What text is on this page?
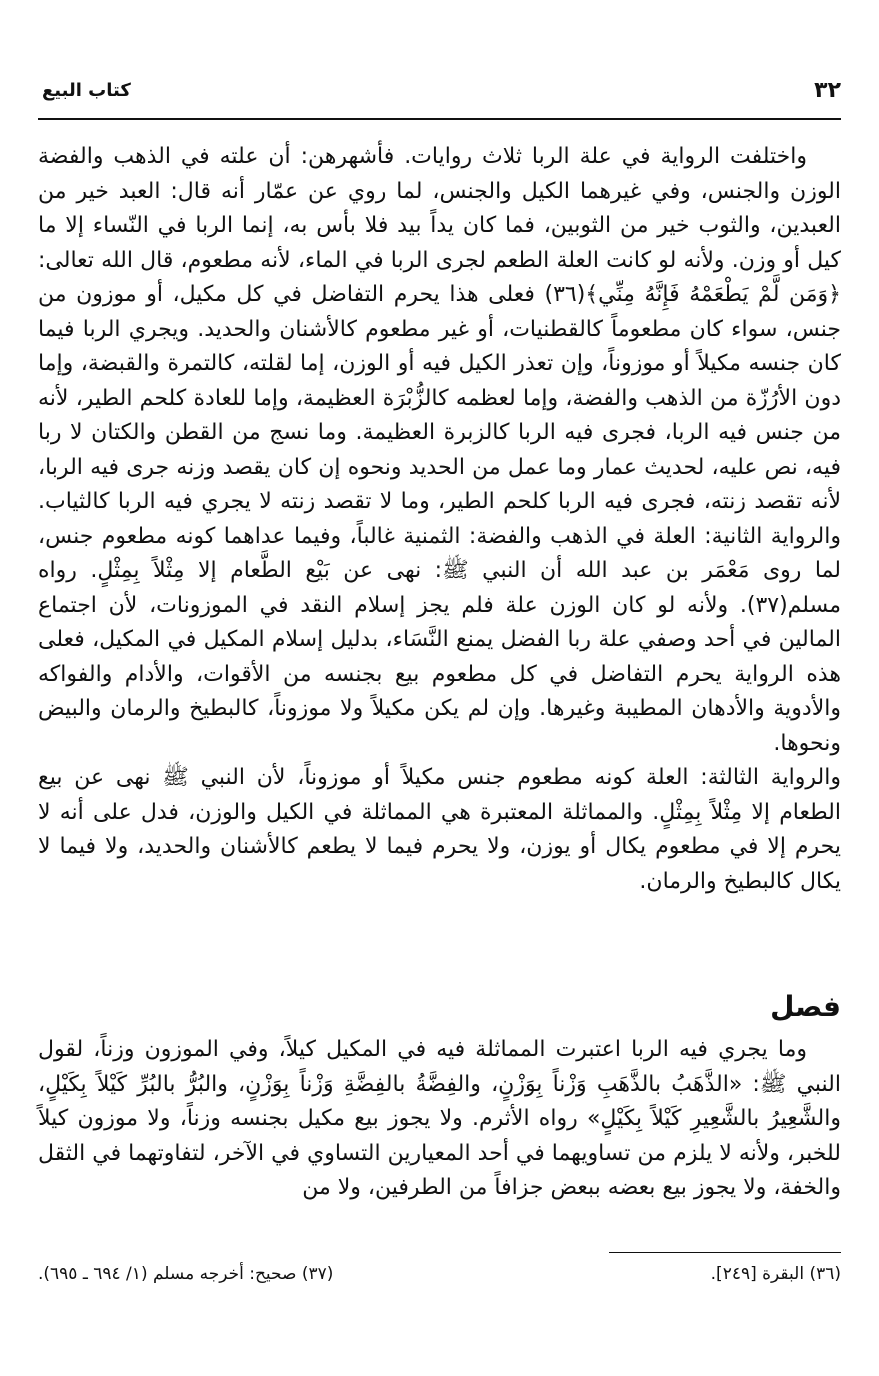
٣٢
كتاب البيع

واختلفت الرواية في علة الربا ثلاث روايات. فأشهرهن: أن علته في الذهب والفضة الوزن والجنس، وفي غيرهما الكيل والجنس، لما روي عن عمّار أنه قال: العبد خير من العبدين، والثوب خير من الثوبين، فما كان يداً بيد فلا بأس به، إنما الربا في النّساء إلا ما كيل أو وزن. ولأنه لو كانت العلة الطعم لجرى الربا في الماء، لأنه مطعوم، قال الله تعالى: ﴿وَمَن لَّمْ يَطْعَمْهُ فَإِنَّهُ مِنِّي﴾(٣٦) فعلى هذا يحرم التفاضل في كل مكيل، أو موزون من جنس، سواء كان مطعوماً كالقطنيات، أو غير مطعوم كالأشنان والحديد. ويجري الربا فيما كان جنسه مكيلاً أو موزوناً، وإن تعذر الكيل فيه أو الوزن، إما لقلته، كالتمرة والقبضة، وإما دون الأرُزّة من الذهب والفضة، وإما لعظمه كالزُّبْرَة العظيمة، وإما للعادة كلحم الطير، لأنه من جنس فيه الربا، فجرى فيه الربا كالزبرة العظيمة. وما نسج من القطن والكتان لا ربا فيه، نص عليه، لحديث عمار وما عمل من الحديد ونحوه إن كان يقصد وزنه جرى فيه الربا، لأنه تقصد زنته، فجرى فيه الربا كلحم الطير، وما لا تقصد زنته لا يجري فيه الربا كالثياب. والرواية الثانية: العلة في الذهب والفضة: الثمنية غالباً، وفيما عداهما كونه مطعوم جنس، لما روى مَعْمَر بن عبد الله أن النبي ﷺ: نهى عن بَيْع الطَّعام إلا مِثْلاً بِمِثْلٍ. رواه مسلم(٣٧). ولأنه لو كان الوزن علة فلم يجز إسلام النقد في الموزونات، لأن اجتماع المالين في أحد وصفي علة ربا الفضل يمنع النَّسَاء، بدليل إسلام المكيل في المكيل، فعلى هذه الرواية يحرم التفاضل في كل مطعوم بيع بجنسه من الأقوات، والأدام والفواكه والأدوية والأدهان المطيبة وغيرها. وإن لم يكن مكيلاً ولا موزوناً، كالبطيخ والرمان والبيض ونحوها.

والرواية الثالثة: العلة كونه مطعوم جنس مكيلاً أو موزوناً، لأن النبي ﷺ نهى عن بيع الطعام إلا مِثْلاً بِمِثْلٍ. والمماثلة المعتبرة هي المماثلة في الكيل والوزن، فدل على أنه لا يحرم إلا في مطعوم يكال أو يوزن، ولا يحرم فيما لا يطعم كالأشنان والحديد، ولا فيما لا يكال كالبطيخ والرمان.

فصل

وما يجري فيه الربا اعتبرت المماثلة فيه في المكيل كيلاً، وفي الموزون وزناً، لقول النبي ﷺ: «الذَّهَبُ بالذَّهَبِ وَزْناً بِوَزْنٍ، والفِضَّةُ بالفِضَّةِ وَزْناً بِوَزْنٍ، والبُرُّ بالبُرِّ كَيْلاً بِكَيْلٍ، والشَّعِيرُ بالشَّعِيرِ كَيْلاً بِكَيْلٍ» رواه الأثرم. ولا يجوز بيع مكيل بجنسه وزناً، ولا موزون كيلاً للخبر، ولأنه لا يلزم من تساويهما في أحد المعيارين التساوي في الآخر، لتفاوتهما في الثقل والخفة، ولا يجوز بيع بعضه ببعض جزافاً من الطرفين، ولا من

(٣٦) البقرة [٢٤٩].
(٣٧) صحيح: أخرجه مسلم (١/ ٦٩٤ ـ ٦٩٥).
